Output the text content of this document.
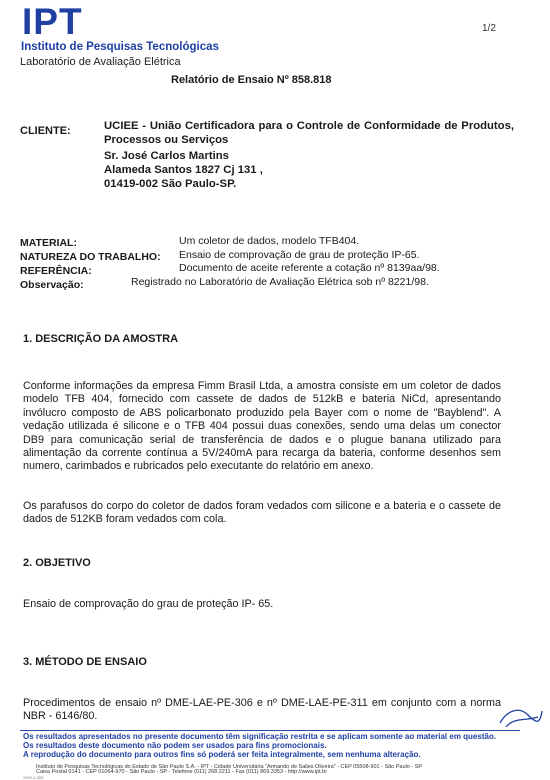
IPT
Instituto de Pesquisas Tecnológicas
Laboratório de Avaliação Elétrica
1/2
Relatório de Ensaio Nº 858.818
CLIENTE:	UCIEE - União Certificadora para o Controle de Conformidade de Produtos, Processos ou Serviços
Sr. José Carlos Martins
Alameda Santos 1827 Cj 131 ,
01419-002 São Paulo-SP.
MATERIAL:	Um coletor de dados, modelo TFB404.
NATUREZA DO TRABALHO: Ensaio de comprovação de grau de proteção IP-65.
REFERÊNCIA:	Documento de aceite referente a cotação nº 8139aa/98.
Observação:	Registrado no Laboratório de Avaliação Elétrica sob nº 8221/98.
1. DESCRIÇÃO DA AMOSTRA
Conforme informações da empresa Fimm Brasil Ltda, a amostra consiste em um coletor de dados modelo TFB 404, fornecido com cassete de dados de 512kB e bateria NiCd, apresentando invólucro composto de ABS policarbonato produzido pela Bayer com o nome de "Bayblend". A vedação utilizada é silicone e o TFB 404 possui duas conexões, sendo uma delas um conector DB9 para comunicação serial de transferência de dados e o plugue banana utilizado para alimentação da corrente contínua a 5V/240mA para recarga da bateria, conforme desenhos sem numero, carimbados e rubricados pelo executante do relatório em anexo.
Os parafusos do corpo do coletor de dados foram vedados com silicone e a bateria e o cassete de dados de 512KB foram vedados com cola.
2. OBJETIVO
Ensaio de comprovação do grau de proteção IP- 65.
3. MÉTODO DE ENSAIO
Procedimentos de ensaio nº DME-LAE-PE-306 e nº DME-LAE-PE-311 em conjunto com a norma NBR - 6146/80.
Os resultados apresentados no presente documento têm significação restrita e se aplicam somente ao material em questão.
Os resultados deste documento não podem ser usados para fins promocionais.
A reprodução do documento para outros fins só poderá ser feita integralmente, sem nenhuma alteração.
Instituto de Pesquisas Tecnológicas do Estado de São Paulo S.A. - IPT - Cidade Universitária "Armando de Salles Oliveira" - CEP 05508-901 - São Paulo - SP
Caixa Postal 0141 - CEP 01064-970 - São Paulo - SP - Telefone (011) 268.2211 - Fax (011) 869.3353 - http://www.ipt.br
2002-1-003
